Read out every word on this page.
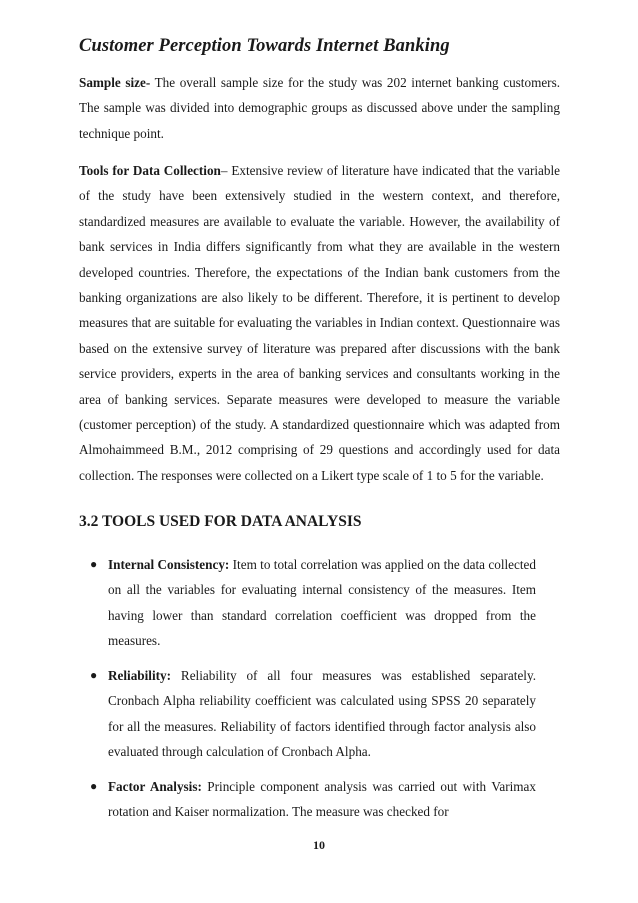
Customer Perception Towards Internet Banking

Sample size- The overall sample size for the study was 202 internet banking customers. The sample was divided into demographic groups as discussed above under the sampling technique point.

Tools for Data Collection– Extensive review of literature have indicated that the variable of the study have been extensively studied in the western context, and therefore, standardized measures are available to evaluate the variable. However, the availability of bank services in India differs significantly from what they are available in the western developed countries. Therefore, the expectations of the Indian bank customers from the banking organizations are also likely to be different. Therefore, it is pertinent to develop measures that are suitable for evaluating the variables in Indian context. Questionnaire was based on the extensive survey of literature was prepared after discussions with the bank service providers, experts in the area of banking services and consultants working in the area of banking services. Separate measures were developed to measure the variable (customer perception) of the study. A standardized questionnaire which was adapted from Almohaimmeed B.M., 2012 comprising of 29 questions and accordingly used for data collection. The responses were collected on a Likert type scale of 1 to 5 for the variable.

3.2 TOOLS USED FOR DATA ANALYSIS
● Internal Consistency: Item to total correlation was applied on the data collected on all the variables for evaluating internal consistency of the measures. Item having lower than standard correlation coefficient was dropped from the measures.

● Reliability: Reliability of all four measures was established separately. Cronbach Alpha reliability coefficient was calculated using SPSS 20 separately for all the measures. Reliability of factors identified through factor analysis also evaluated through calculation of Cronbach Alpha.

● Factor Analysis: Principle component analysis was carried out with Varimax rotation and Kaiser normalization. The measure was checked for

10
